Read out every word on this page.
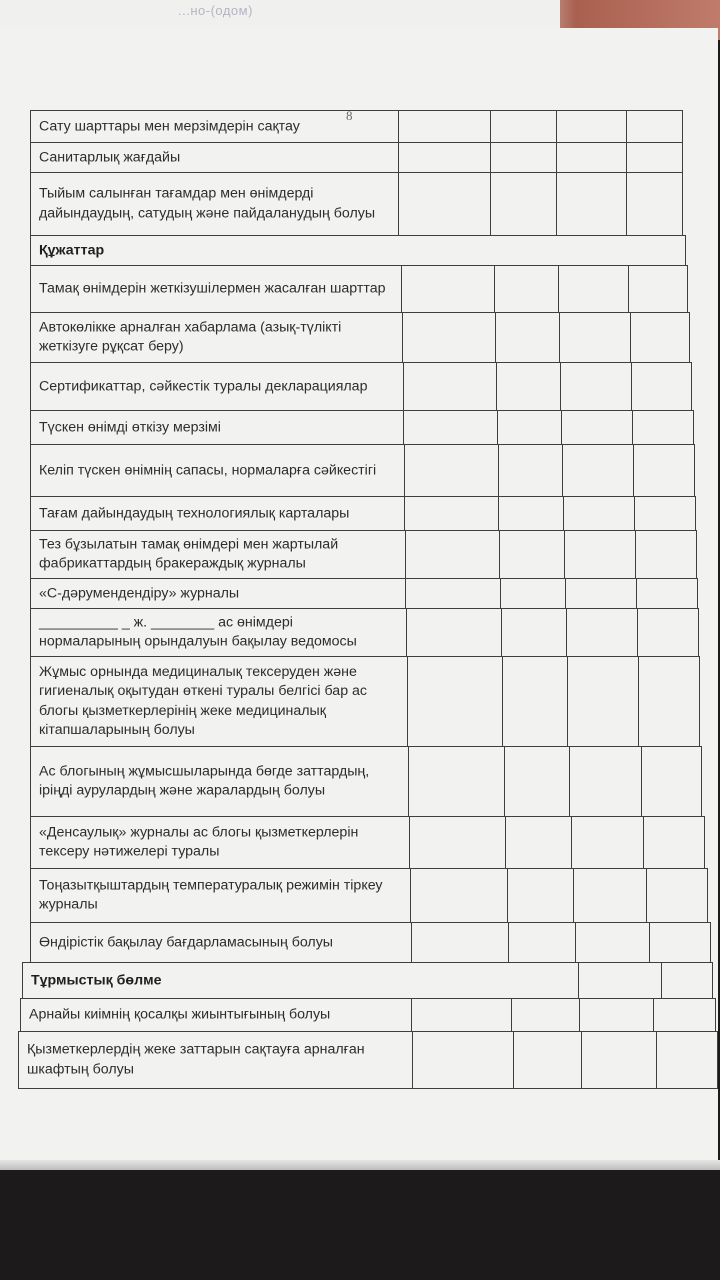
...но-(одом)
8
Сату шарттары мен мерзімдерін сақтау
Санитарлық жағдайы
Тыйым салынған тағамдар мен өнімдерді дайындаудың, сатудың және пайдаланудың болуы
Құжаттар
Тамақ өнімдерін жеткізушілермен жасалған шарттар
Автокөлікке арналған хабарлама (азық-түлікті жеткізуге рұқсат беру)
Сертификаттар, сәйкестік туралы декларациялар
Түскен өнімді өткізу мерзімі
Келіп түскен өнімнің сапасы, нормаларға сәйкестігі
Тағам дайындаудың технологиялық карталары
Тез бұзылатын тамақ өнімдері мен жартылай фабрикаттардың бракераждық журналы
«С-дәрумендендіру» журналы
__________ _ ж. ________ ас өнімдері нормаларының орындалуын бақылау ведомосы
Жұмыс орнында медициналық тексеруден және гигиеналық оқытудан өткені туралы белгісі бар ас блогы қызметкерлерінің жеке медициналық кітапшаларының болуы
Ас блогының жұмысшыларында бөгде заттардың, іріңді аурулардың және жаралардың болуы
«Денсаулық» журналы ас блогы қызметкерлерін тексеру нәтижелері туралы
Тоңазытқыштардың температуралық режимін тіркеу журналы
Өндірістік бақылау бағдарламасының болуы
Тұрмыстық бөлме
Арнайы киімнің қосалқы жиынтығының болуы
Қызметкерлердің жеке заттарын сақтауға арналған шкафтың болуы
